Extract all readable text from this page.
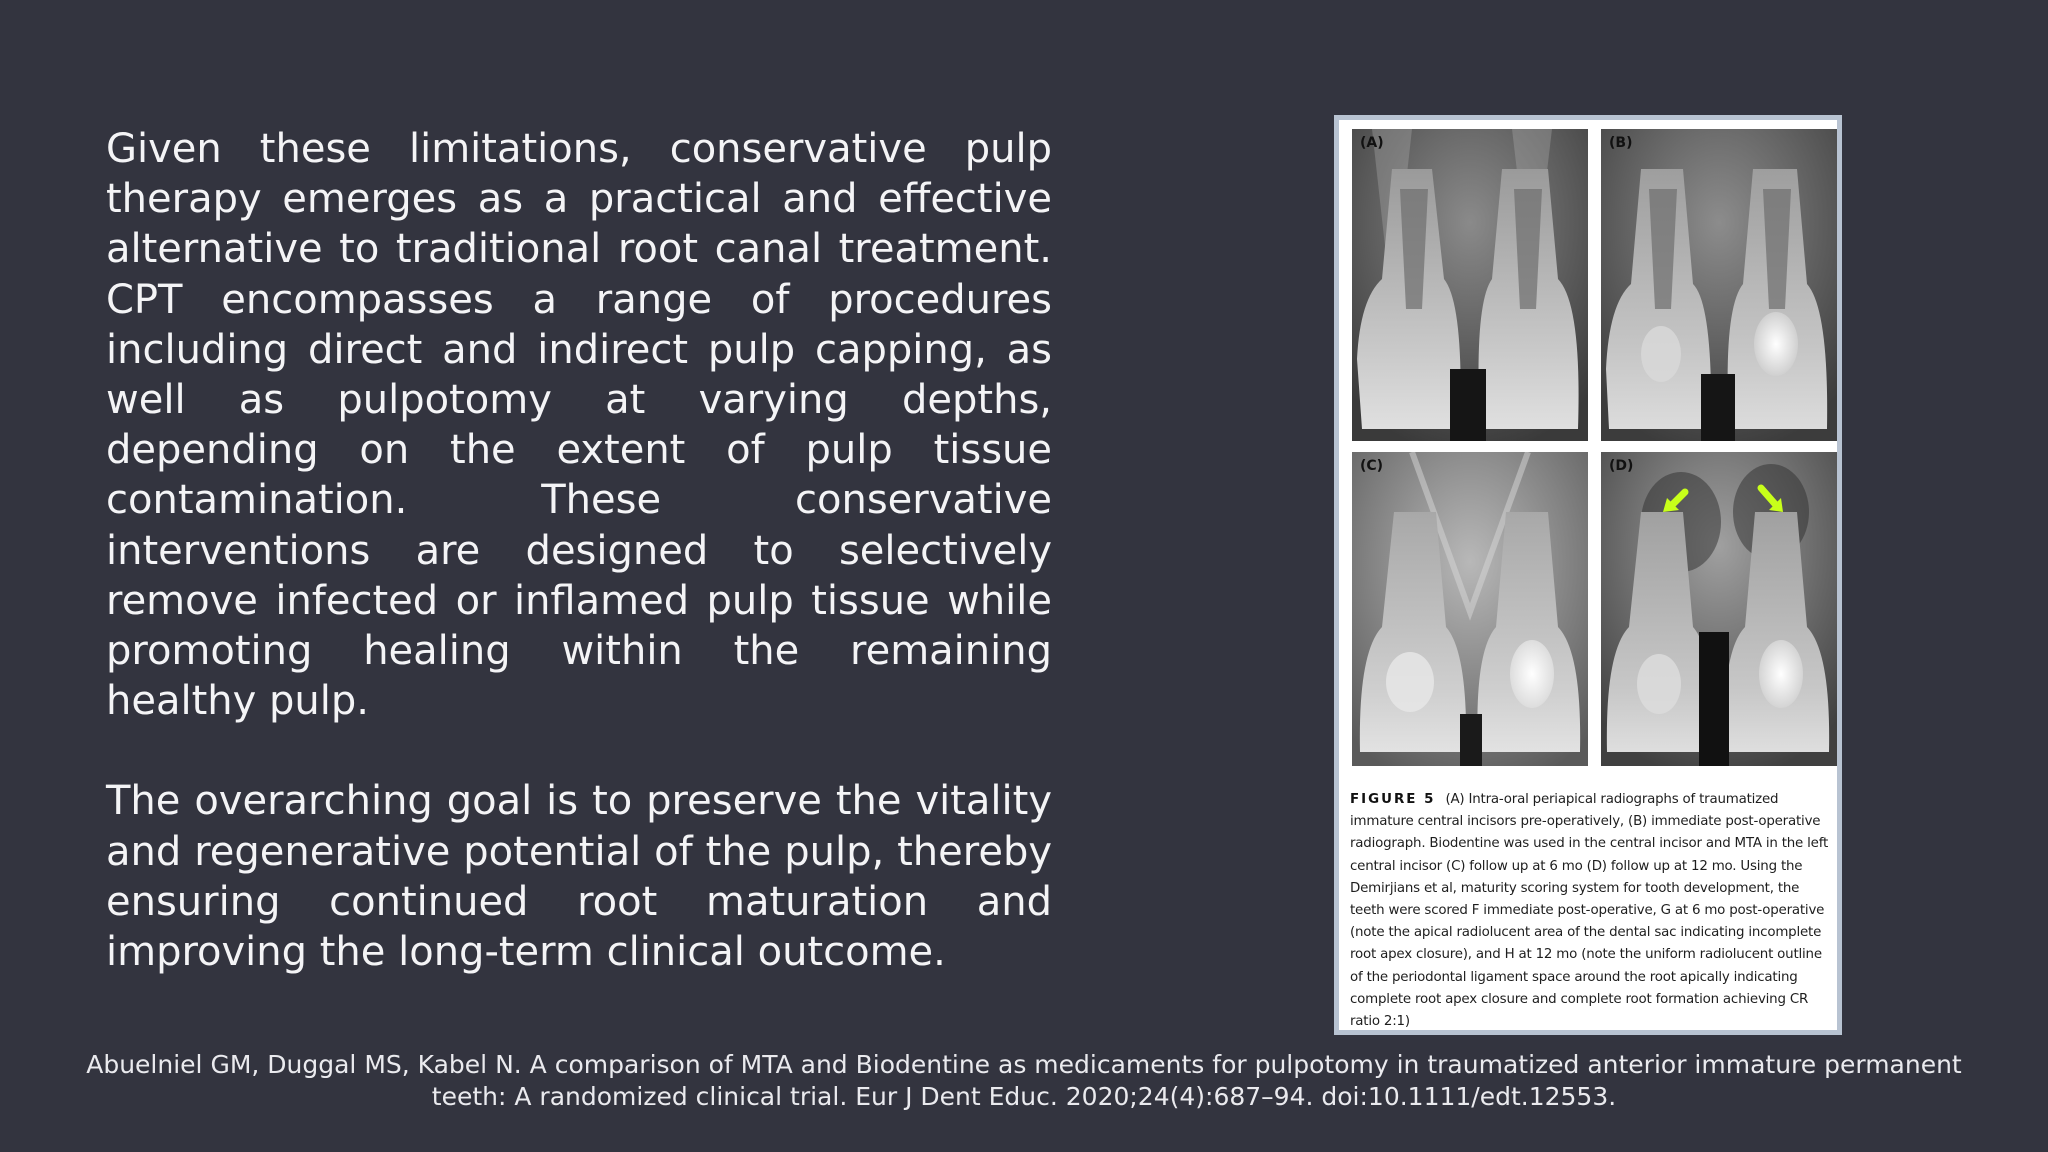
Given these limitations, conservative pulp therapy emerges as a practical and effective alternative to traditional root canal treatment. CPT encompasses a range of procedures including direct and indirect pulp capping, as well as pulpotomy at varying depths, depending on the extent of pulp tissue contamination. These conservative interventions are designed to selectively remove infected or inflamed pulp tissue while promoting healing within the remaining healthy pulp.

The overarching goal is to preserve the vitality and regenerative potential of the pulp, thereby ensuring continued root maturation and improving the long-term clinical outcome.

(A)	(B)
(C)	(D)
FIGURE 5 (A) Intra-oral periapical radiographs of traumatized immature central incisors pre-operatively, (B) immediate post-operative radiograph. Biodentine was used in the central incisor and MTA in the left central incisor (C) follow up at 6 mo (D) follow up at 12 mo. Using the Demirjians et al, maturity scoring system for tooth development, the teeth were scored F immediate post-operative, G at 6 mo post-operative (note the apical radiolucent area of the dental sac indicating incomplete root apex closure), and H at 12 mo (note the uniform radiolucent outline of the periodontal ligament space around the root apically indicating complete root apex closure and complete root formation achieving CR ratio 2:1)
Abuelniel GM, Duggal MS, Kabel N. A comparison of MTA and Biodentine as medicaments for pulpotomy in traumatized anterior immature permanent teeth: A randomized clinical trial. Eur J Dent Educ. 2020;24(4):687–94. doi:10.1111/edt.12553.
